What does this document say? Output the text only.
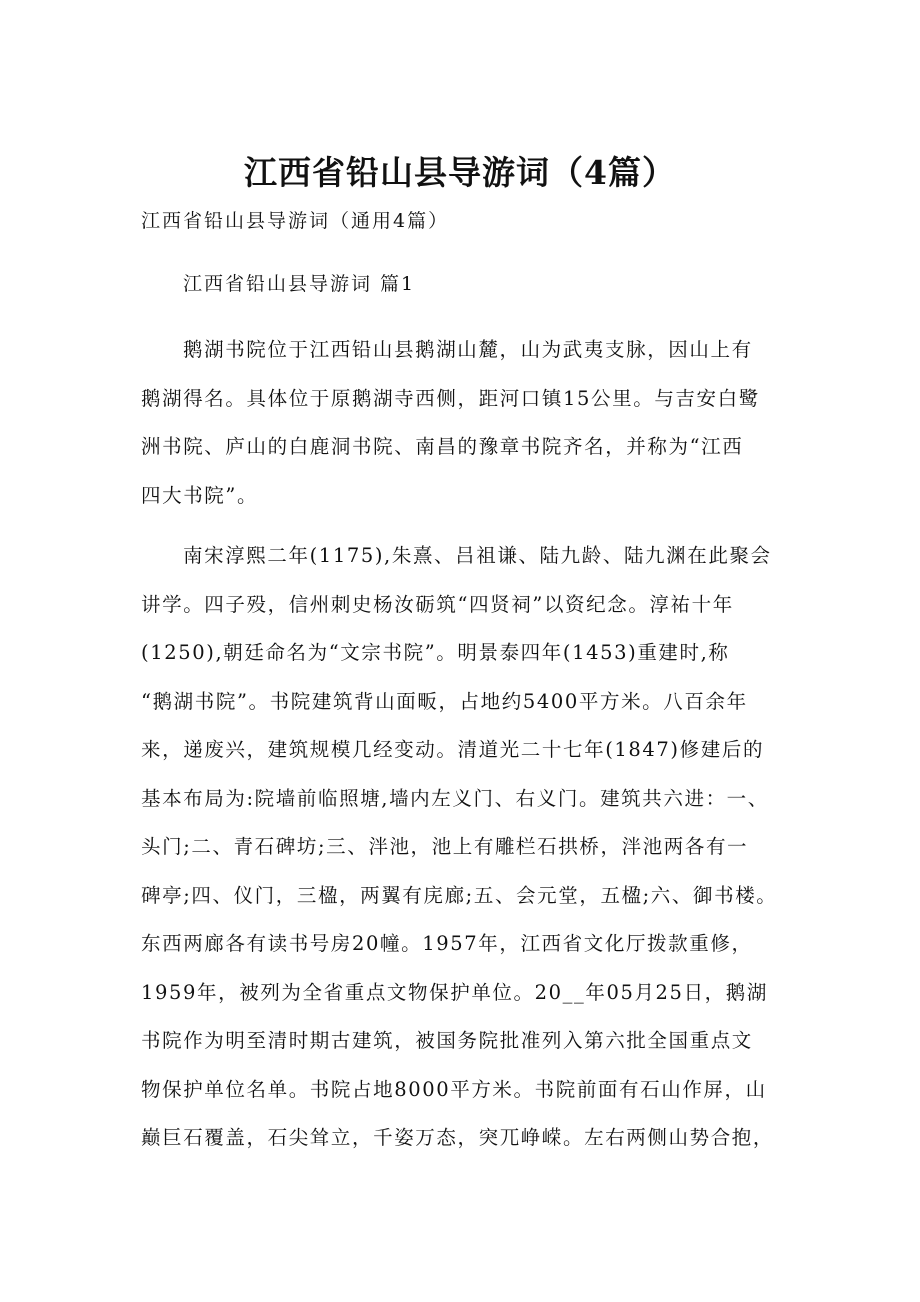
江西省铅山县导游词（4篇）
江西省铅山县导游词（通用4篇）
江西省铅山县导游词 篇1
鹅湖书院位于江西铅山县鹅湖山麓，山为武夷支脉，因山上有
鹅湖得名。具体位于原鹅湖寺西侧，距河口镇15公里。与吉安白鹭
洲书院、庐山的白鹿洞书院、南昌的豫章书院齐名，并称为“江西
四大书院”。
南宋淳熙二年(1175),朱熹、吕祖谦、陆九龄、陆九渊在此聚会
讲学。四子殁，信州刺史杨汝砺筑“四贤祠”以资纪念。淳祐十年
(1250),朝廷命名为“文宗书院”。明景泰四年(1453)重建时,称
“鹅湖书院”。书院建筑背山面畈，占地约5400平方米。八百余年
来，递废兴，建筑规模几经变动。清道光二十七年(1847)修建后的
基本布局为:院墙前临照塘,墙内左义门、右义门。建筑共六进：一、
头门;二、青石碑坊;三、泮池，池上有雕栏石拱桥，泮池两各有一
碑亭;四、仪门，三楹，两翼有庑廊;五、会元堂，五楹;六、御书楼。
东西两廊各有读书号房20幢。1957年，江西省文化厅拨款重修，
1959年，被列为全省重点文物保护单位。20__年05月25日，鹅湖
书院作为明至清时期古建筑，被国务院批准列入第六批全国重点文
物保护单位名单。书院占地8000平方米。书院前面有石山作屏，山
巅巨石覆盖，石尖耸立，千姿万态，突兀峥嵘。左右两侧山势合抱，
